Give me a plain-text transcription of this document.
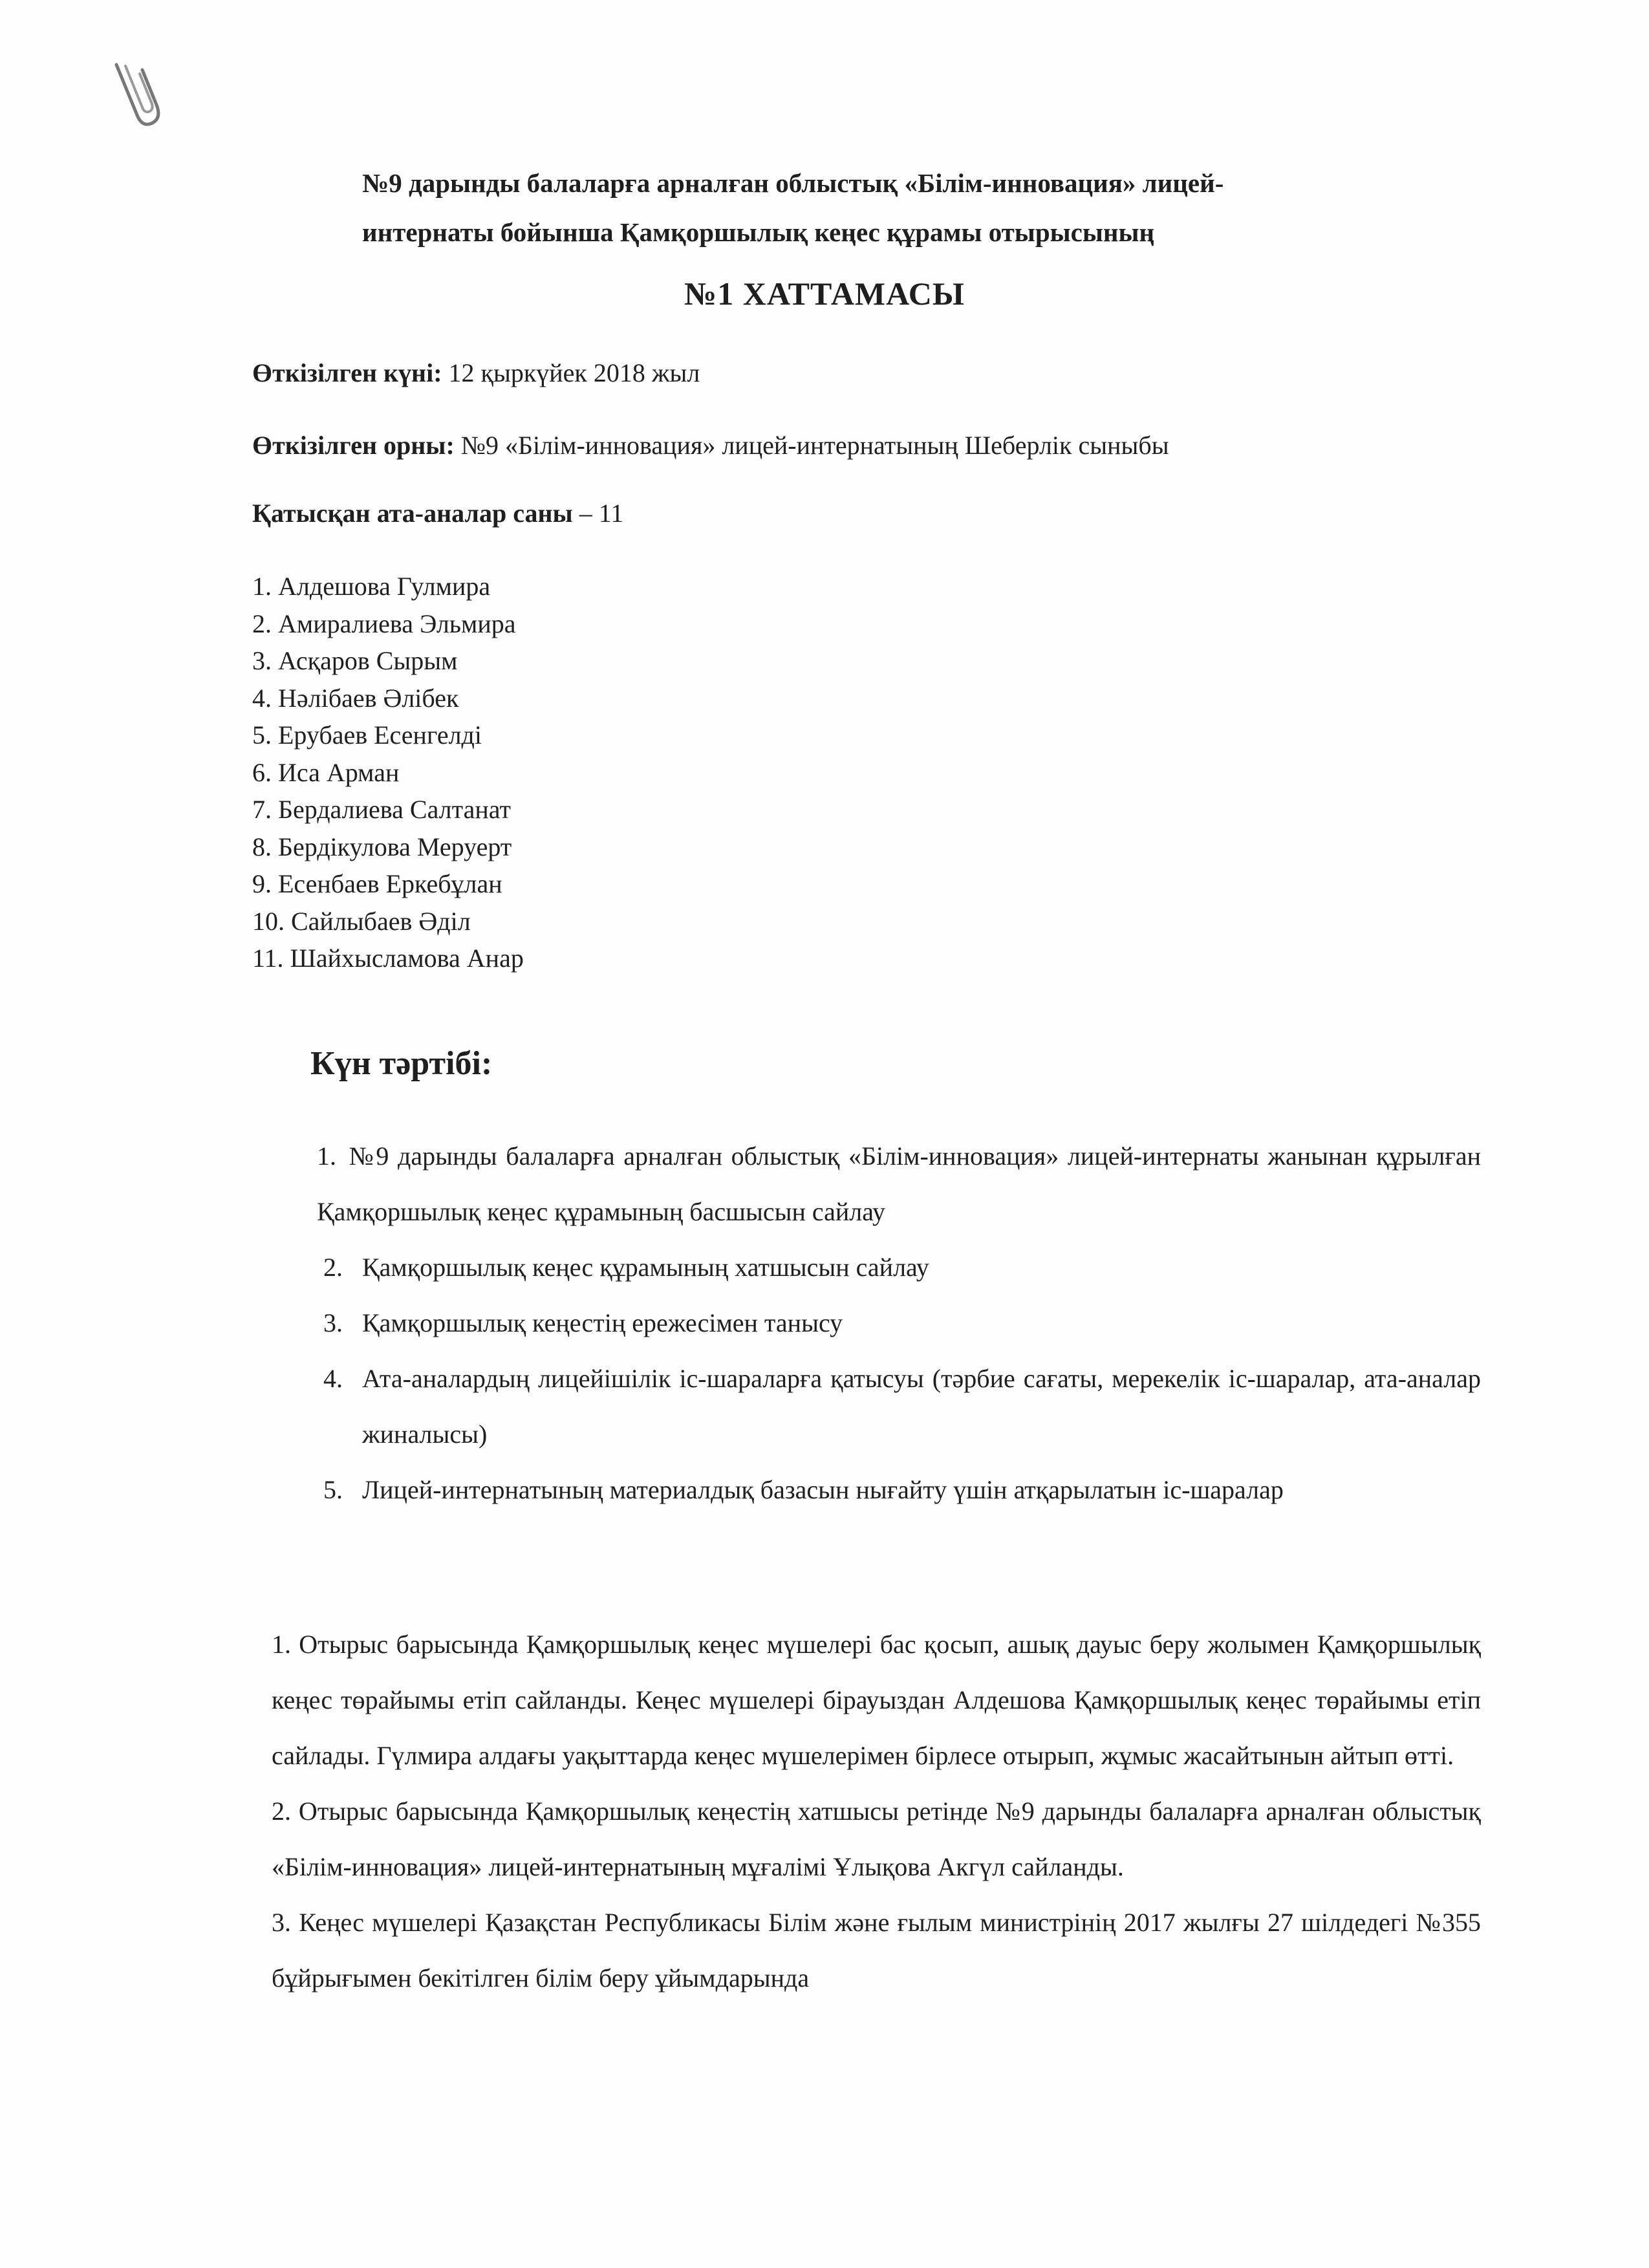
№9 дарынды балаларға арналған облыстық «Білім-инновация» лицей-
интернаты бойынша Қамқоршылық кеңес құрамы отырысының
№1 ХАТТАМАСЫ
Өткізілген күні: 12 қыркүйек 2018 жыл
Өткізілген орны: №9 «Білім-инновация» лицей-интернатының Шеберлік сыныбы
Қатысқан ата-аналар саны – 11
1. Алдешова Гулмира
2. Амиралиева Эльмира
3. Асқаров Сырым
4. Нәлібаев Әлібек
5. Ерубаев Есенгелді
6. Иса Арман
7. Бердалиева Салтанат
8. Бердікулова Меруерт
9. Есенбаев Еркебұлан
10. Сайлыбаев Әділ
11. Шайхысламова Анар
Күн тәртібі:
1. №9 дарынды балаларға арналған облыстық «Білім-инновация» лицей-интернаты жанынан құрылған Қамқоршылық кеңес құрамының басшысын сайлау
2. Қамқоршылық кеңес құрамының хатшысын сайлау
3. Қамқоршылық кеңестің ережесімен танысу
4. Ата-аналардың лицейішілік іс-шараларға қатысуы (тәрбие сағаты, мерекелік іс-шаралар, ата-аналар жиналысы)
5. Лицей-интернатының материалдық базасын нығайту үшін атқарылатын іс-шаралар

1. Отырыс барысында Қамқоршылық кеңес мүшелері бас қосып, ашық дауыс беру жолымен Қамқоршылық кеңес төрайымы етіп сайланды. Кеңес мүшелері бірауыздан Алдешова Қамқоршылық кеңес төрайымы етіп сайлады. Гүлмира алдағы уақыттарда кеңес мүшелерімен бірлесе отырып, жұмыс жасайтынын айтып өтті.

2. Отырыс барысында Қамқоршылық кеңестің хатшысы ретінде №9 дарынды балаларға арналған облыстық «Білім-инновация» лицей-интернатының мұғалімі Ұлықова Акгүл сайланды.

3. Кеңес мүшелері Қазақстан Республикасы Білім және ғылым министрінің 2017 жылғы 27 шілдедегі №355 бұйрығымен бекітілген білім беру ұйымдарында
